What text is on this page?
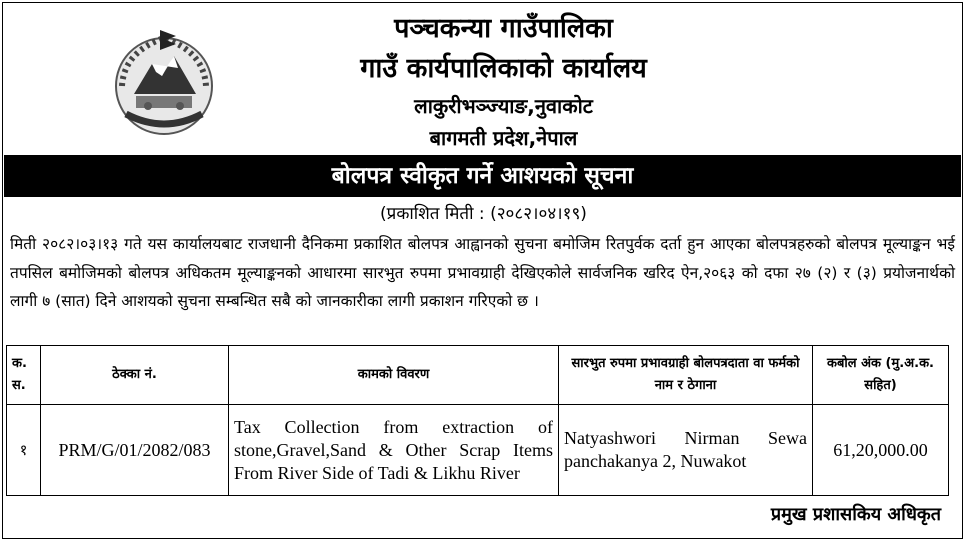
पञ्चकन्या गाउँपालिका
गाउँ कार्यपालिकाको कार्यालय
लाकुरीभञ्ज्याङ,नुवाकोट
बागमती प्रदेश,नेपाल
बोलपत्र स्वीकृत गर्ने आशयको सूचना
(प्रकाशित मिती : (२०८२।०४।१९)

मिती २०८२।०३।१३ गते यस कार्यालयबाट राजधानी दैनिकमा प्रकाशित बोलपत्र आह्वानको सुचना बमोजिम रितपुर्वक दर्ता हुन आएका बोलपत्रहरुको बोलपत्र मूल्याङ्कन भई तपसिल बमोजिमको बोलपत्र अधिकतम मूल्याङ्कनको आधारमा सारभुत रुपमा प्रभावग्राही देखिएकोले सार्वजनिक खरिद ऐन,२०६३ को दफा २७ (२) र (३) प्रयोजनार्थको लागी ७ (सात) दिने आशयको सुचना सम्बन्धित सबै को जानकारीका लागी प्रकाशन गरिएको छ ।

क. स.	ठेक्का नं.	कामको विवरण	सारभुत रुपमा प्रभावग्राही बोलपत्रदाता वा फर्मको नाम र ठेगाना	कबोल अंक (मु.अ.क. सहित)
१	PRM/G/01/2082/083	Tax Collection from extraction of stone,Gravel,Sand & Other Scrap Items From River Side of Tadi & Likhu River	Natyashwori Nirman Sewa panchakanya 2, Nuwakot	61,20,000.00
प्रमुख प्रशासकिय अधिकृत
